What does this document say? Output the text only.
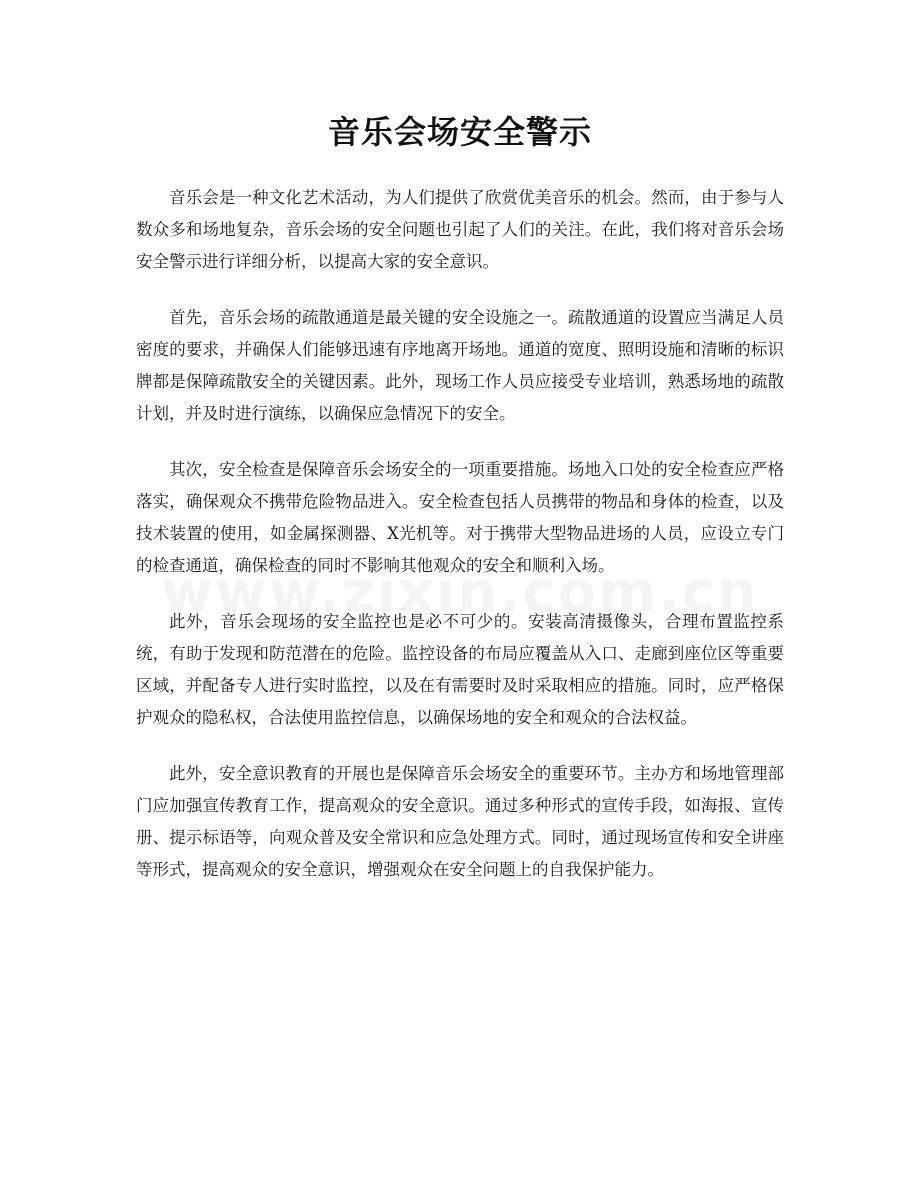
音乐会场安全警示

音乐会是一种文化艺术活动，为人们提供了欣赏优美音乐的机会。然而，由于参与人数众多和场地复杂，音乐会场的安全问题也引起了人们的关注。在此，我们将对音乐会场安全警示进行详细分析，以提高大家的安全意识。

首先，音乐会场的疏散通道是最关键的安全设施之一。疏散通道的设置应当满足人员密度的要求，并确保人们能够迅速有序地离开场地。通道的宽度、照明设施和清晰的标识牌都是保障疏散安全的关键因素。此外，现场工作人员应接受专业培训，熟悉场地的疏散计划，并及时进行演练，以确保应急情况下的安全。

其次，安全检查是保障音乐会场安全的一项重要措施。场地入口处的安全检查应严格落实，确保观众不携带危险物品进入。安全检查包括人员携带的物品和身体的检查，以及技术装置的使用，如金属探测器、X光机等。对于携带大型物品进场的人员，应设立专门的检查通道，确保检查的同时不影响其他观众的安全和顺利入场。

此外，音乐会现场的安全监控也是必不可少的。安装高清摄像头，合理布置监控系统，有助于发现和防范潜在的危险。监控设备的布局应覆盖从入口、走廊到座位区等重要区域，并配备专人进行实时监控，以及在有需要时及时采取相应的措施。同时，应严格保护观众的隐私权，合法使用监控信息，以确保场地的安全和观众的合法权益。

此外，安全意识教育的开展也是保障音乐会场安全的重要环节。主办方和场地管理部门应加强宣传教育工作，提高观众的安全意识。通过多种形式的宣传手段，如海报、宣传册、提示标语等，向观众普及安全常识和应急处理方式。同时，通过现场宣传和安全讲座等形式，提高观众的安全意识，增强观众在安全问题上的自我保护能力。
